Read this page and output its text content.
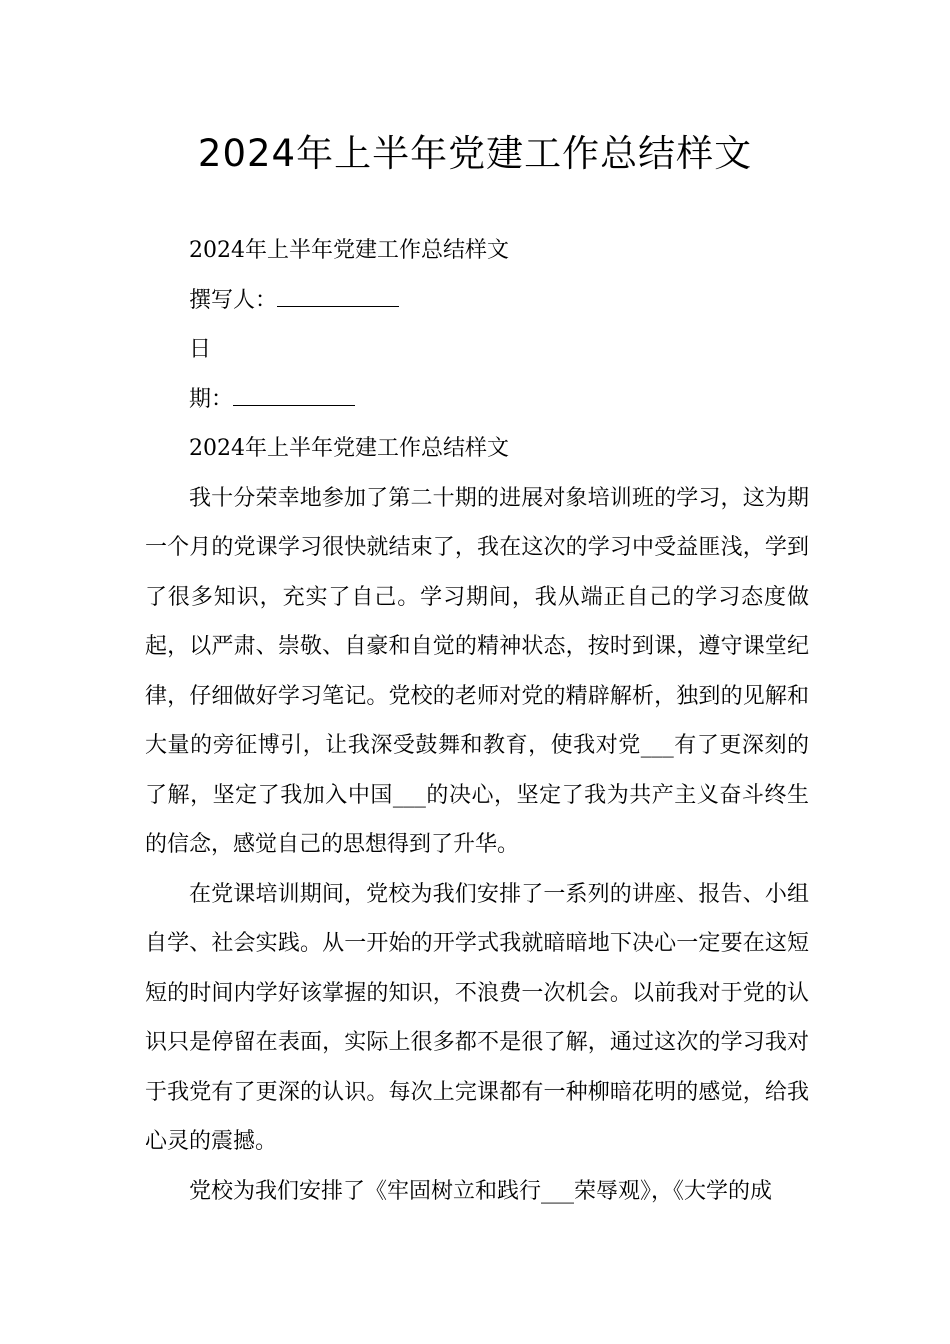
2024年上半年党建工作总结样文
2024年上半年党建工作总结样文
撰写人：
日
期：
2024年上半年党建工作总结样文

我十分荣幸地参加了第二十期的进展对象培训班的学习，这为期一个月的党课学习很快就结束了，我在这次的学习中受益匪浅，学到了很多知识，充实了自己。学习期间，我从端正自己的学习态度做起，以严肃、崇敬、自豪和自觉的精神状态，按时到课，遵守课堂纪律，仔细做好学习笔记。党校的老师对党的精辟解析，独到的见解和大量的旁征博引，让我深受鼓舞和教育，使我对党___有了更深刻的了解，坚定了我加入中国___的决心，坚定了我为共产主义奋斗终生的信念，感觉自己的思想得到了升华。

在党课培训期间，党校为我们安排了一系列的讲座、报告、小组自学、社会实践。从一开始的开学式我就暗暗地下决心一定要在这短短的时间内学好该掌握的知识，不浪费一次机会。以前我对于党的认识只是停留在表面，实际上很多都不是很了解，通过这次的学习我对于我党有了更深的认识。每次上完课都有一种柳暗花明的感觉，给我心灵的震撼。

党校为我们安排了《牢固树立和践行___荣辱观》，《大学的成
